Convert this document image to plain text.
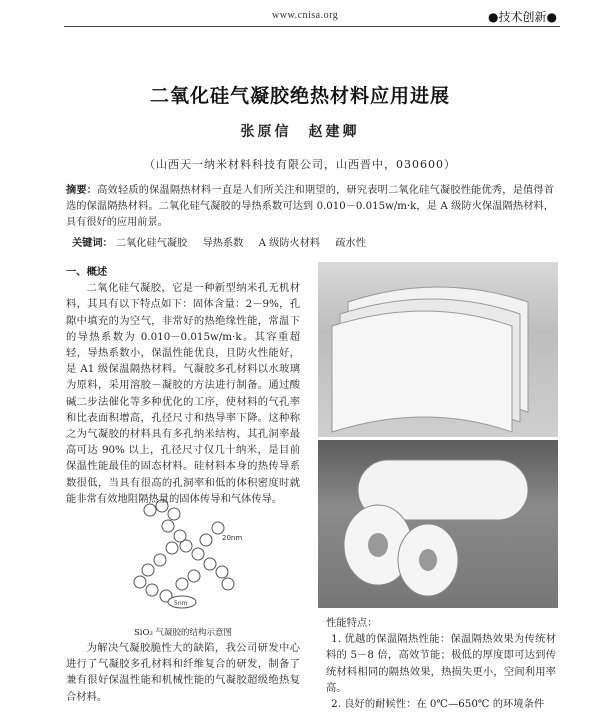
www.cnisa.org	●技术创新●
二氧化硅气凝胶绝热材料应用进展
张原信　赵建卿
（山西天一纳米材料科技有限公司，山西晋中，030600）
摘要：高效轻质的保温隔热材料一直是人们所关注和期望的，研究表明二氧化硅气凝胶性能优秀，是值得首选的保温隔热材料。二氧化硅气凝胶的导热系数可达到 0.010－0.015w/m·k，是 A 级防火保温隔热材料，具有很好的应用前景。
关键词： 二氧化硅气凝胶 导热系数 A 级防火材料 疏水性
一、概述
二氧化硅气凝胶，它是一种新型纳米孔无机材料，其具有以下特点如下：固体含量：2－9%，孔隙中填充的为空气，非常好的热绝缘性能，常温下的导热系数为 0.010－0.015w/m·k。其容重超轻，导热系数小，保温性能优良，且防火性能好，是 A1 级保温隔热材料。气凝胶多孔材料以水玻璃为原料，采用溶胶－凝胶的方法进行制备。通过酸碱二步法催化等多种优化的工序，使材料的气孔率和比表面积增高，孔径尺寸和热导率下降。这种称之为气凝胶的材料具有多孔纳米结构，其孔洞率最高可达 90% 以上，孔径尺寸仅几十纳米，是目前保温性能最佳的固态材料。硅材料本身的热传导系数很低，当具有很高的孔洞率和低的体积密度时就能非常有效地阻隔热量的固体传导和气体传导。
20nm
5nm
SiO₂ 气凝胶的结构示意图
为解决气凝胶脆性大的缺陷，我公司研发中心进行了气凝胶多孔材料和纤维复合的研发，制备了兼有很好保温性能和机械性能的气凝胶超级绝热复合材料。
性能特点：
1. 优越的保温隔热性能：保温隔热效果为传统材料的 5－8 倍，高效节能；极低的厚度即可达到传统材料相同的隔热效果，热损失更小，空间利用率高。
2. 良好的耐候性：在 0℃—650℃ 的环境条件
